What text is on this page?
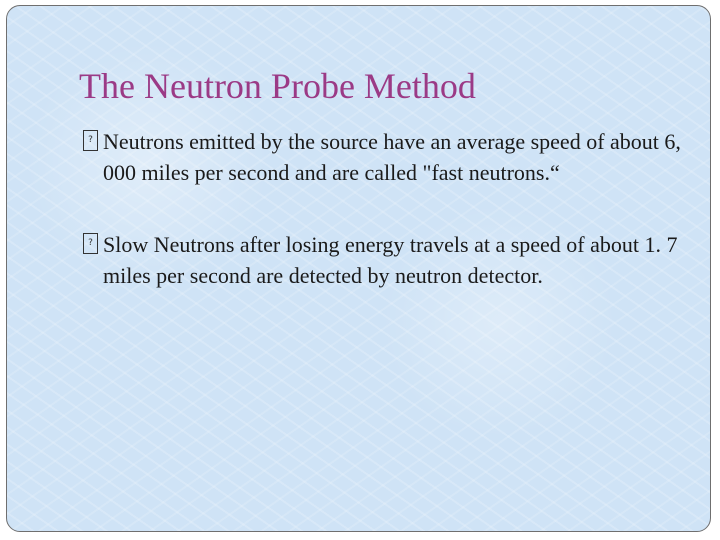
The Neutron Probe Method
? Neutrons emitted by the source have an average speed of about 6, 000 miles per second and are called "fast neutrons.“
? Slow Neutrons after losing energy travels at a speed of about 1. 7 miles per second are detected by neutron detector.
